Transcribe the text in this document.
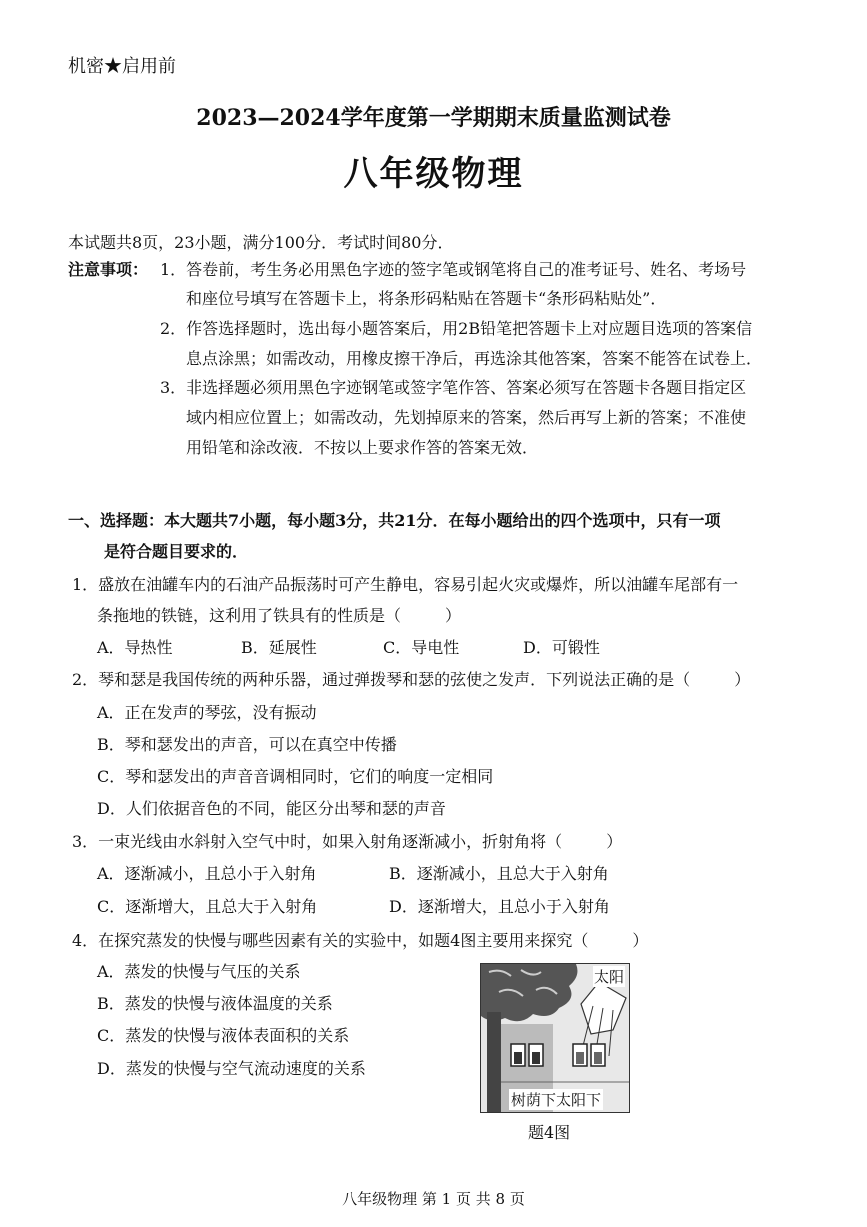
机密★启用前
2023—2024学年度第一学期期末质量监测试卷
八年级物理
本试题共8页，23小题，满分100分．考试时间80分．
注意事项： 1．答卷前，考生务必用黑色字迹的签字笔或钢笔将自己的准考证号、姓名、考场号
和座位号填写在答题卡上，将条形码粘贴在答题卡“条形码粘贴处”．
2．作答选择题时，选出每小题答案后，用2B铅笔把答题卡上对应题目选项的答案信
息点涂黑；如需改动，用橡皮擦干净后，再选涂其他答案，答案不能答在试卷上．
3．非选择题必须用黑色字迹钢笔或签字笔作答、答案必须写在答题卡各题目指定区
域内相应位置上；如需改动，先划掉原来的答案，然后再写上新的答案；不准使
用铅笔和涂改液．不按以上要求作答的答案无效．
一、选择题：本大题共7小题，每小题3分，共21分．在每小题给出的四个选项中，只有一项
是符合题目要求的．
1．盛放在油罐车内的石油产品振荡时可产生静电，容易引起火灾或爆炸，所以油罐车尾部有一
条拖地的铁链，这利用了铁具有的性质是（	）
A．导热性	B．延展性	C．导电性	D．可锻性
2．琴和瑟是我国传统的两种乐器，通过弹拨琴和瑟的弦使之发声．下列说法正确的是（	）
A．正在发声的琴弦，没有振动
B．琴和瑟发出的声音，可以在真空中传播
C．琴和瑟发出的声音音调相同时，它们的响度一定相同
D．人们依据音色的不同，能区分出琴和瑟的声音
3．一束光线由水斜射入空气中时，如果入射角逐渐减小，折射角将（	）
A．逐渐减小，且总小于入射角	B．逐渐减小，且总大于入射角
C．逐渐增大，且总大于入射角	D．逐渐增大，且总小于入射角
4．在探究蒸发的快慢与哪些因素有关的实验中，如题4图主要用来探究（	）
A．蒸发的快慢与气压的关系
B．蒸发的快慢与液体温度的关系
C．蒸发的快慢与液体表面积的关系
D．蒸发的快慢与空气流动速度的关系
太阳
树荫下太阳下
题4图
八年级物理 第 1 页 共 8 页
